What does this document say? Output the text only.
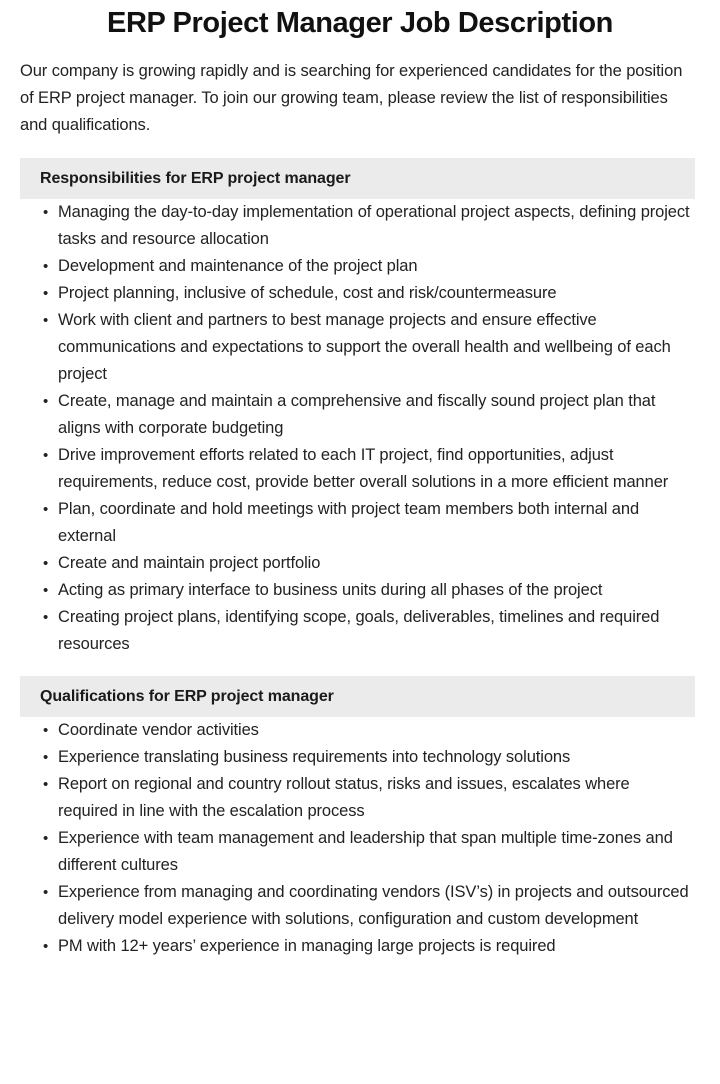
ERP Project Manager Job Description

Our company is growing rapidly and is searching for experienced candidates for the position of ERP project manager. To join our growing team, please review the list of responsibilities and qualifications.

Responsibilities for ERP project manager
• Managing the day-to-day implementation of operational project aspects, defining project tasks and resource allocation
• Development and maintenance of the project plan
• Project planning, inclusive of schedule, cost and risk/countermeasure
• Work with client and partners to best manage projects and ensure effective communications and expectations to support the overall health and wellbeing of each project
• Create, manage and maintain a comprehensive and fiscally sound project plan that aligns with corporate budgeting
• Drive improvement efforts related to each IT project, find opportunities, adjust requirements, reduce cost, provide better overall solutions in a more efficient manner
• Plan, coordinate and hold meetings with project team members both internal and external
• Create and maintain project portfolio
• Acting as primary interface to business units during all phases of the project
• Creating project plans, identifying scope, goals, deliverables, timelines and required resources
Qualifications for ERP project manager
• Coordinate vendor activities
• Experience translating business requirements into technology solutions
• Report on regional and country rollout status, risks and issues, escalates where required in line with the escalation process
• Experience with team management and leadership that span multiple time-zones and different cultures
• Experience from managing and coordinating vendors (ISV’s) in projects and outsourced delivery model experience with solutions, configuration and custom development
• PM with 12+ years’ experience in managing large projects is required
